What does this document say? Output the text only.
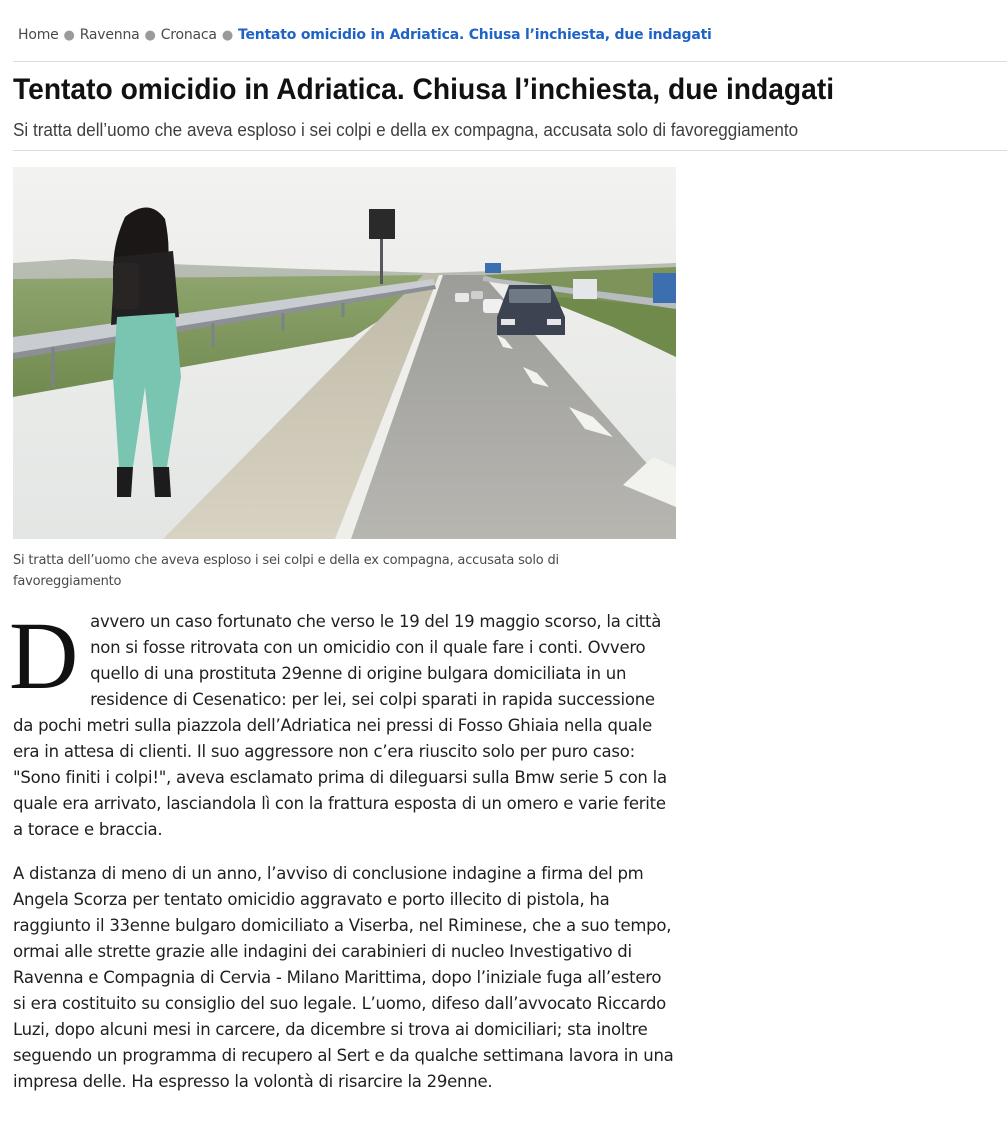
Home ● Ravenna ● Cronaca ● Tentato omicidio in Adriatica. Chiusa l’inchiesta, due indagati
Tentato omicidio in Adriatica. Chiusa l’inchiesta, due indagati

Si tratta dell’uomo che aveva esploso i sei colpi e della ex compagna, accusata solo di favoreggiamento

Si tratta dell’uomo che aveva esploso i sei colpi e della ex compagna, accusata solo di favoreggiamento

D avvero un caso fortunato che verso le 19 del 19 maggio scorso, la città non si fosse ritrovata con un omicidio con il quale fare i conti. Ovvero quello di una prostituta 29enne di origine bulgara domiciliata in un residence di Cesenatico: per lei, sei colpi sparati in rapida successione da pochi metri sulla piazzola dell’Adriatica nei pressi di Fosso Ghiaia nella quale era in attesa di clienti. Il suo aggressore non c’era riuscito solo per puro caso: "Sono finiti i colpi!", aveva esclamato prima di dileguarsi sulla Bmw serie 5 con la quale era arrivato, lasciandola lì con la frattura esposta di un omero e varie ferite a torace e braccia.

A distanza di meno di un anno, l’avviso di conclusione indagine a firma del pm Angela Scorza per tentato omicidio aggravato e porto illecito di pistola, ha raggiunto il 33enne bulgaro domiciliato a Viserba, nel Riminese, che a suo tempo, ormai alle strette grazie alle indagini dei carabinieri di nucleo Investigativo di Ravenna e Compagnia di Cervia - Milano Marittima, dopo l’iniziale fuga all’estero si era costituito su consiglio del suo legale. L’uomo, difeso dall’avvocato Riccardo Luzi, dopo alcuni mesi in carcere, da dicembre si trova ai domiciliari; sta inoltre seguendo un programma di recupero al Sert e da qualche settimana lavora in una impresa delle. Ha espresso la volontà di risarcire la 29enne.
